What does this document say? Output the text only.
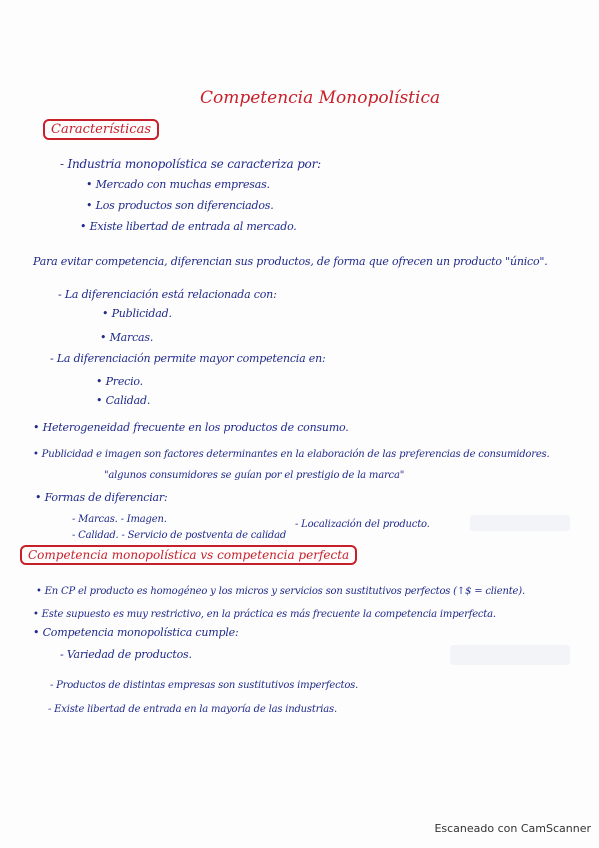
Competencia Monopolística
Características
- Industria monopolística se caracteriza por:
• Mercado con muchas empresas.
• Los productos son diferenciados.
• Existe libertad de entrada al mercado.
Para evitar competencia, diferencian sus productos, de forma que ofrecen un producto "único".
- La diferenciación está relacionada con:
• Publicidad.
• Marcas.
- La diferenciación permite mayor competencia en:
• Precio.
• Calidad.
• Heterogeneidad frecuente en los productos de consumo.
• Publicidad e imagen son factores determinantes en la elaboración de las preferencias de consumidores.
"algunos consumidores se guían por el prestigio de la marca"
• Formas de diferenciar:
- Marcas. - Imagen.	- Localización del producto.
- Calidad. - Servicio de postventa de calidad
Competencia monopolística vs competencia perfecta
• En CP el producto es homogéneo y los micros y servicios son sustitutivos perfectos (↑$ = cliente).
• Este supuesto es muy restrictivo, en la práctica es más frecuente la competencia imperfecta.
• Competencia monopolística cumple:
- Variedad de productos.
- Productos de distintas empresas son sustitutivos imperfectos.
- Existe libertad de entrada en la mayoría de las industrias.
Escaneado con CamScanner
